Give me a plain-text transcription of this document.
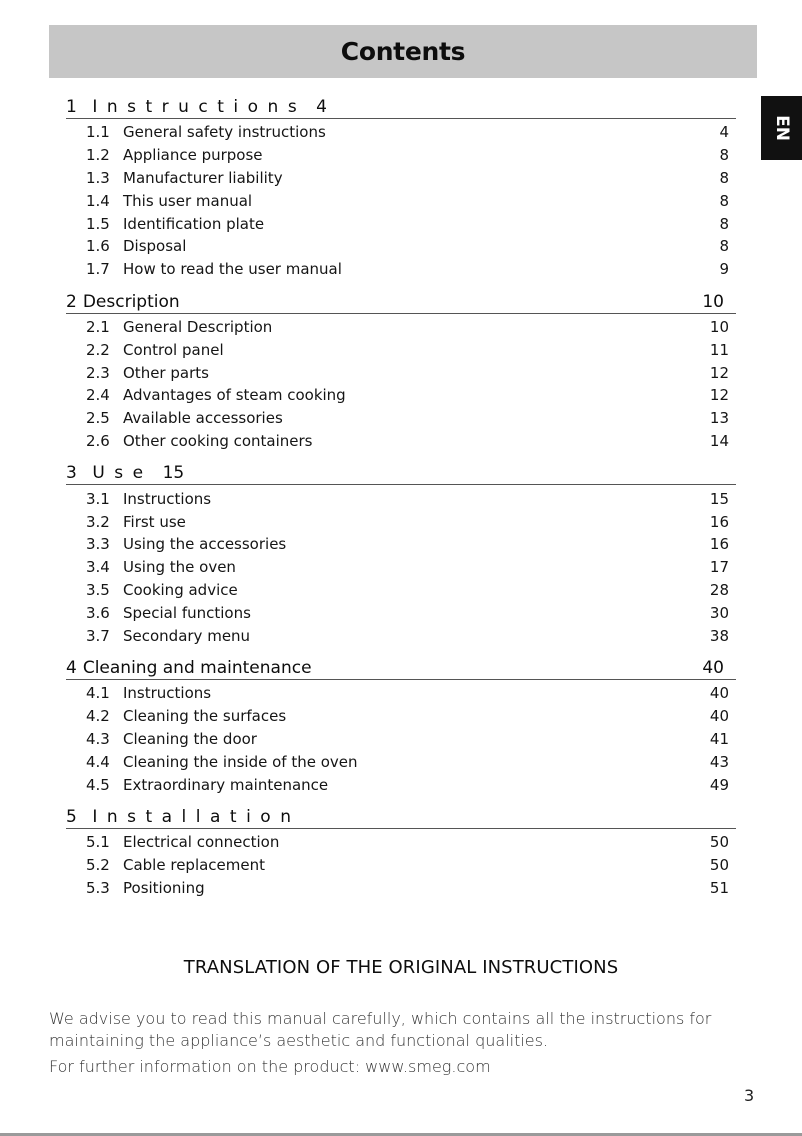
Contents
EN
1 Instructions 4
1.1 General safety instructions	4
1.2 Appliance purpose	8
1.3 Manufacturer liability	8
1.4 This user manual	8
1.5 Identification plate	8
1.6 Disposal	8
1.7 How to read the user manual	9
2 Description	10
2.1 General Description	10
2.2 Control panel	11
2.3 Other parts	12
2.4 Advantages of steam cooking	12
2.5 Available accessories	13
2.6 Other cooking containers	14
3 Use 15
3.1 Instructions	15
3.2 First use	16
3.3 Using the accessories	16
3.4 Using the oven	17
3.5 Cooking advice	28
3.6 Special functions	30
3.7 Secondary menu	38
4 Cleaning and maintenance	40
4.1 Instructions	40
4.2 Cleaning the surfaces	40
4.3 Cleaning the door	41
4.4 Cleaning the inside of the oven	43
4.5 Extraordinary maintenance	49
5 Installation
5.1 Electrical connection	50
5.2 Cable replacement	50
5.3 Positioning	51
TRANSLATION OF THE ORIGINAL INSTRUCTIONS

We advise you to read this manual carefully, which contains all the instructions for maintaining the appliance’s aesthetic and functional qualities.

For further information on the product: www.smeg.com

3
